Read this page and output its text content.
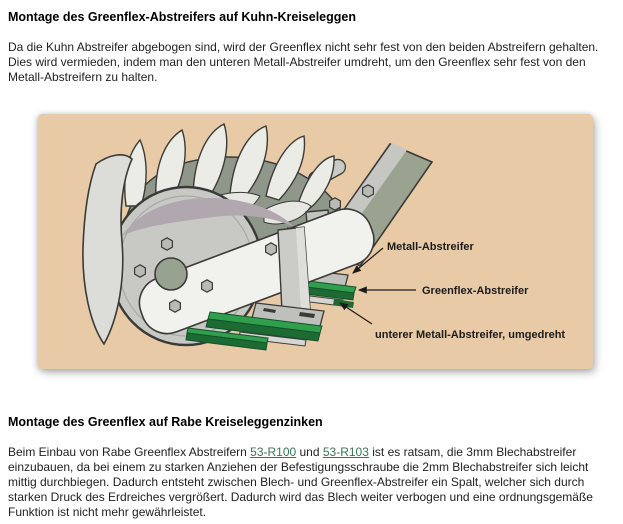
Montage des Greenflex-Abstreifers auf Kuhn-Kreiseleggen

Da die Kuhn Abstreifer abgebogen sind, wird der Greenflex nicht sehr fest von den beiden Abstreifern gehalten. Dies wird vermieden, indem man den unteren Metall-Abstreifer umdreht, um den Greenflex sehr fest von den Metall-Abstreifern zu halten.

Metall-Abstreifer
Greenflex-Abstreifer
unterer Metall-Abstreifer, umgedreht
Montage des Greenflex auf Rabe Kreiseleggenzinken

Beim Einbau von Rabe Greenflex Abstreifern 53-R100 und 53-R103 ist es ratsam, die 3mm Blechabstreifer einzubauen, da bei einem zu starken Anziehen der Befestigungsschraube die 2mm Blechabstreifer sich leicht mittig durchbiegen. Dadurch entsteht zwischen Blech- und Greenflex-Abstreifer ein Spalt, welcher sich durch starken Druck des Erdreiches vergrößert. Dadurch wird das Blech weiter verbogen und eine ordnungsgemäße Funktion ist nicht mehr gewährleistet.
